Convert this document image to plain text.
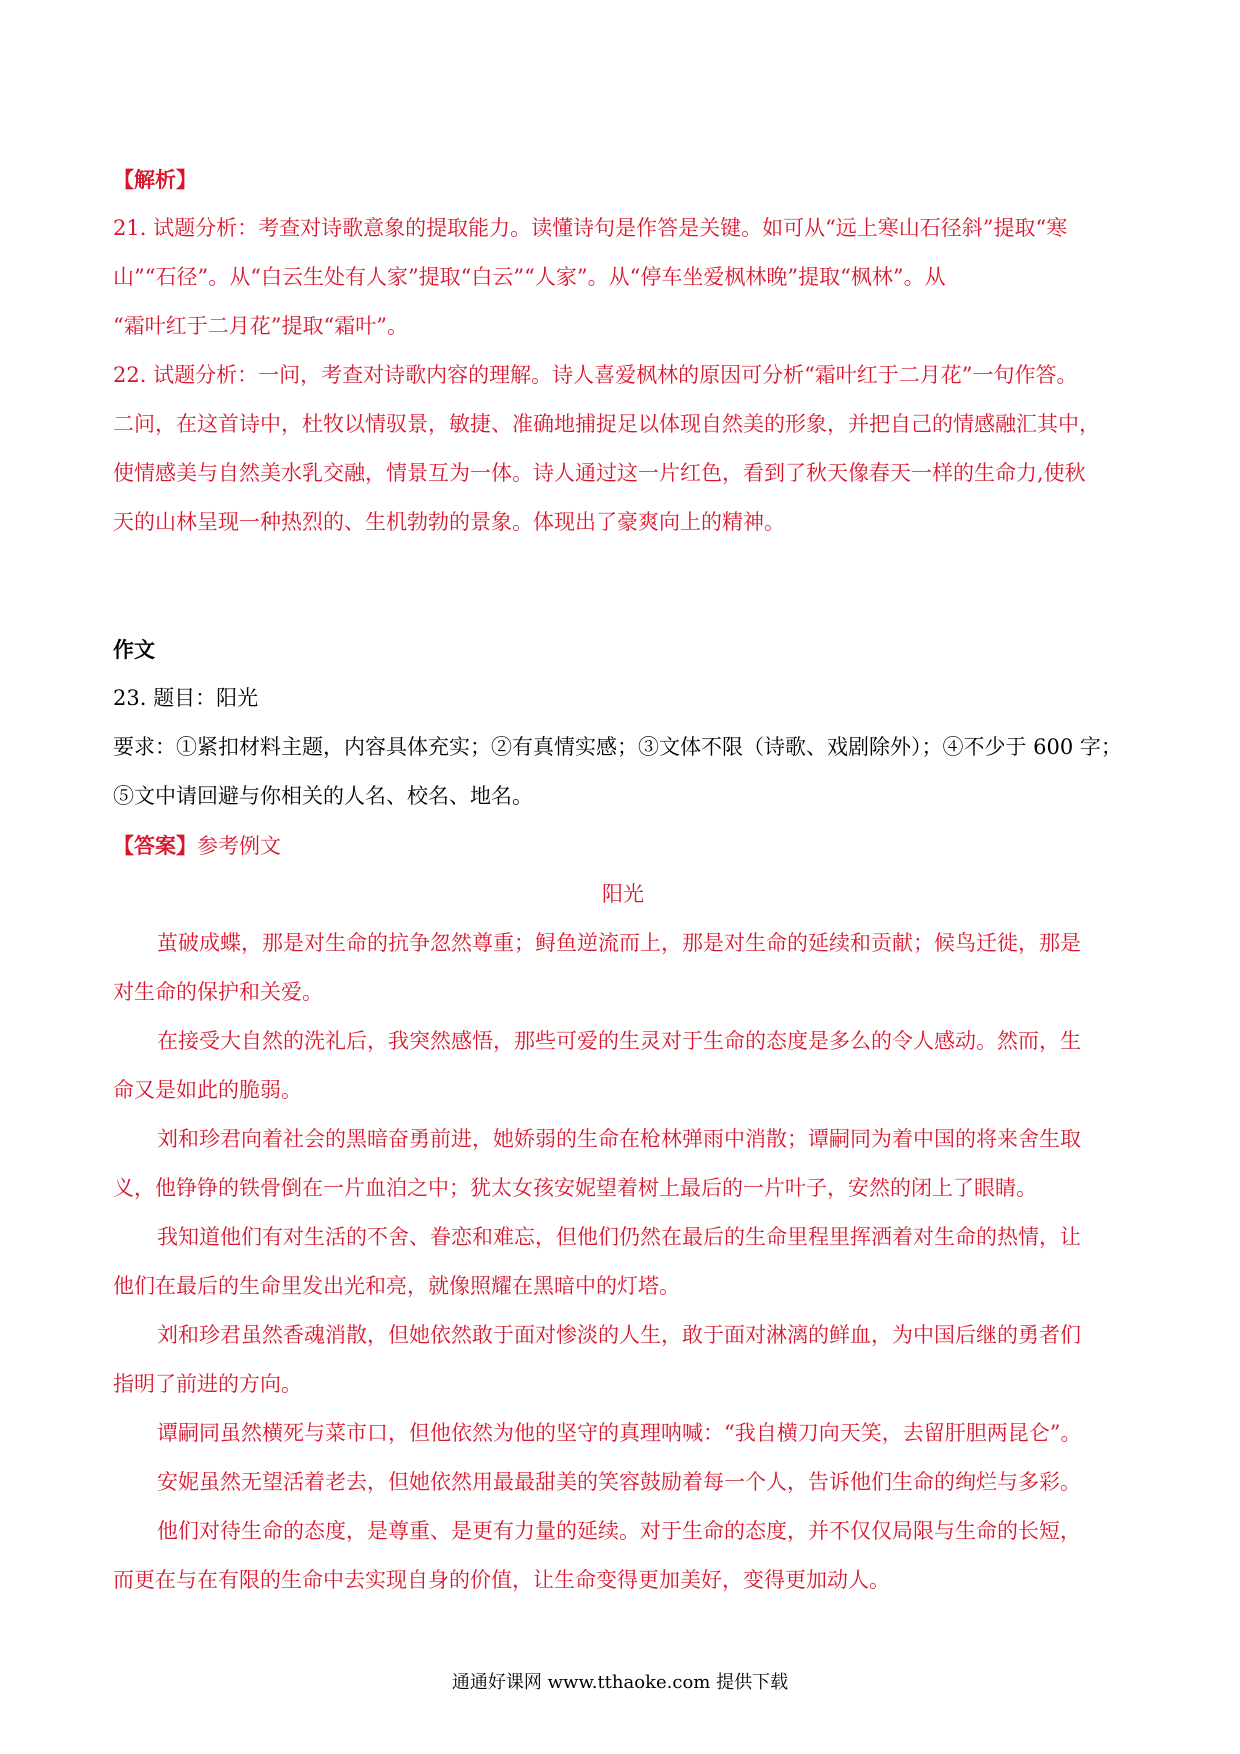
【解析】
21. 试题分析：考查对诗歌意象的提取能力。读懂诗句是作答是关键。如可从“远上寒山石径斜”提取“寒
山”“石径”。从“白云生处有人家”提取“白云”“人家”。从“停车坐爱枫林晚”提取“枫林”。从
“霜叶红于二月花”提取“霜叶”。
22. 试题分析：一问，考查对诗歌内容的理解。诗人喜爱枫林的原因可分析“霜叶红于二月花”一句作答。
二问，在这首诗中，杜牧以情驭景，敏捷、准确地捕捉足以体现自然美的形象，并把自己的情感融汇其中，
使情感美与自然美水乳交融，情景互为一体。诗人通过这一片红色，看到了秋天像春天一样的生命力,使秋
天的山林呈现一种热烈的、生机勃勃的景象。体现出了豪爽向上的精神。
作文
23. 题目：阳光
要求：①紧扣材料主题，内容具体充实；②有真情实感；③文体不限（诗歌、戏剧除外）；④不少于 600 字；
⑤文中请回避与你相关的人名、校名、地名。
【答案】参考例文
阳光
茧破成蝶，那是对生命的抗争忽然尊重；鲟鱼逆流而上，那是对生命的延续和贡献；候鸟迁徙，那是
对生命的保护和关爱。
在接受大自然的洗礼后，我突然感悟，那些可爱的生灵对于生命的态度是多么的令人感动。然而，生
命又是如此的脆弱。
刘和珍君向着社会的黑暗奋勇前进，她娇弱的生命在枪林弹雨中消散；谭嗣同为着中国的将来舍生取
义，他铮铮的铁骨倒在一片血泊之中；犹太女孩安妮望着树上最后的一片叶子，安然的闭上了眼睛。
我知道他们有对生活的不舍、眷恋和难忘，但他们仍然在最后的生命里程里挥洒着对生命的热情，让
他们在最后的生命里发出光和亮，就像照耀在黑暗中的灯塔。
刘和珍君虽然香魂消散，但她依然敢于面对惨淡的人生，敢于面对淋漓的鲜血，为中国后继的勇者们
指明了前进的方向。
谭嗣同虽然横死与菜市口，但他依然为他的坚守的真理呐喊：“我自横刀向天笑，去留肝胆两昆仑”。
安妮虽然无望活着老去，但她依然用最最甜美的笑容鼓励着每一个人，告诉他们生命的绚烂与多彩。
他们对待生命的态度，是尊重、是更有力量的延续。对于生命的态度，并不仅仅局限与生命的长短，
而更在与在有限的生命中去实现自身的价值，让生命变得更加美好，变得更加动人。
通通好课网 www.tthaoke.com 提供下载
